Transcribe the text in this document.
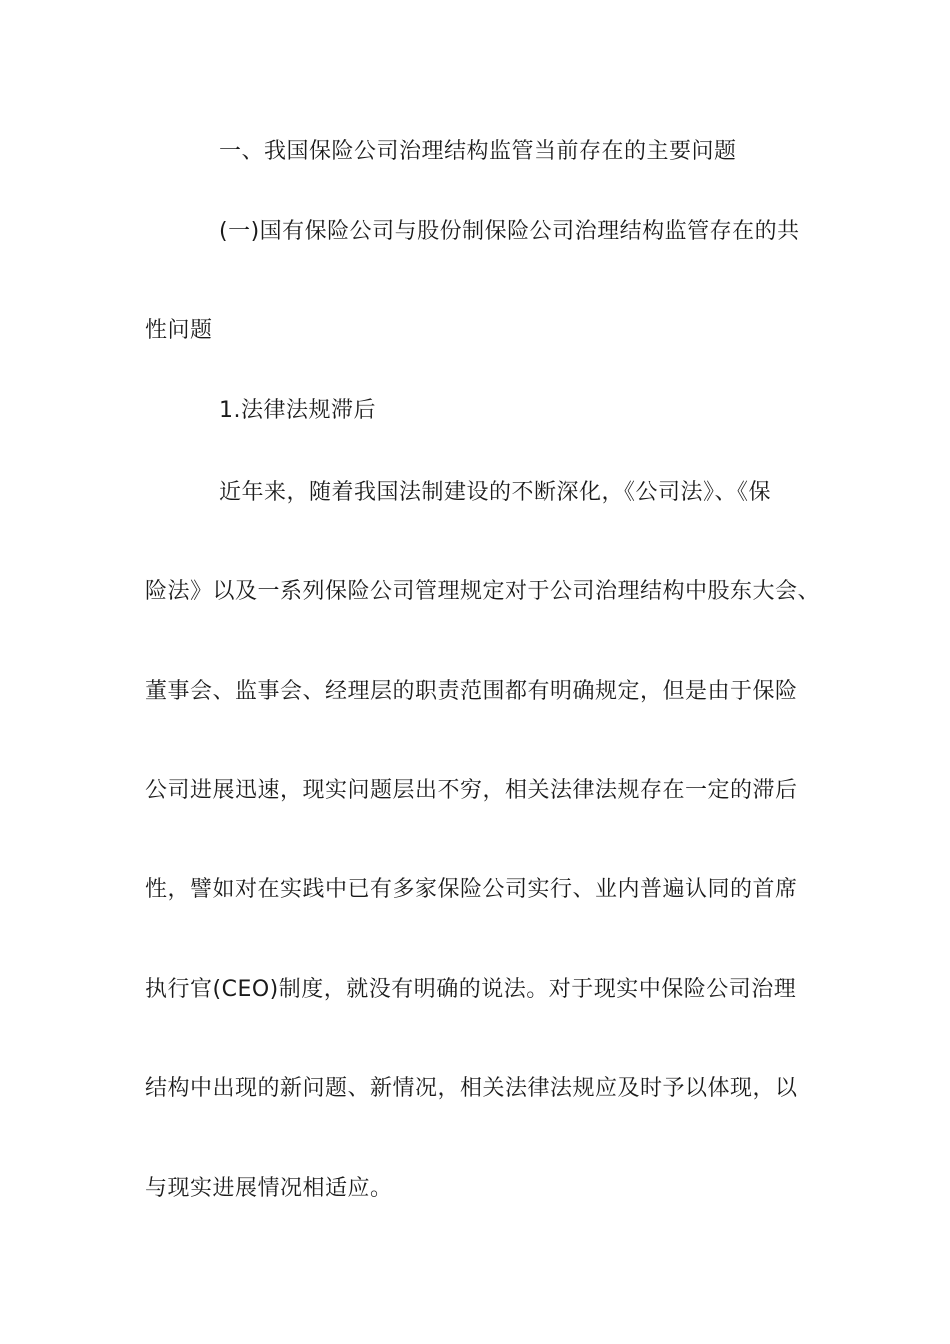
一、我国保险公司治理结构监管当前存在的主要问题
(一)国有保险公司与股份制保险公司治理结构监管存在的共
性问题
1.法律法规滞后
近年来，随着我国法制建设的不断深化，《公司法》、《保
险法》以及一系列保险公司管理规定对于公司治理结构中股东大会、
董事会、监事会、经理层的职责范围都有明确规定，但是由于保险
公司进展迅速，现实问题层出不穷，相关法律法规存在一定的滞后
性，譬如对在实践中已有多家保险公司实行、业内普遍认同的首席
执行官(CEO)制度，就没有明确的说法。对于现实中保险公司治理
结构中出现的新问题、新情况，相关法律法规应及时予以体现，以
与现实进展情况相适应。
